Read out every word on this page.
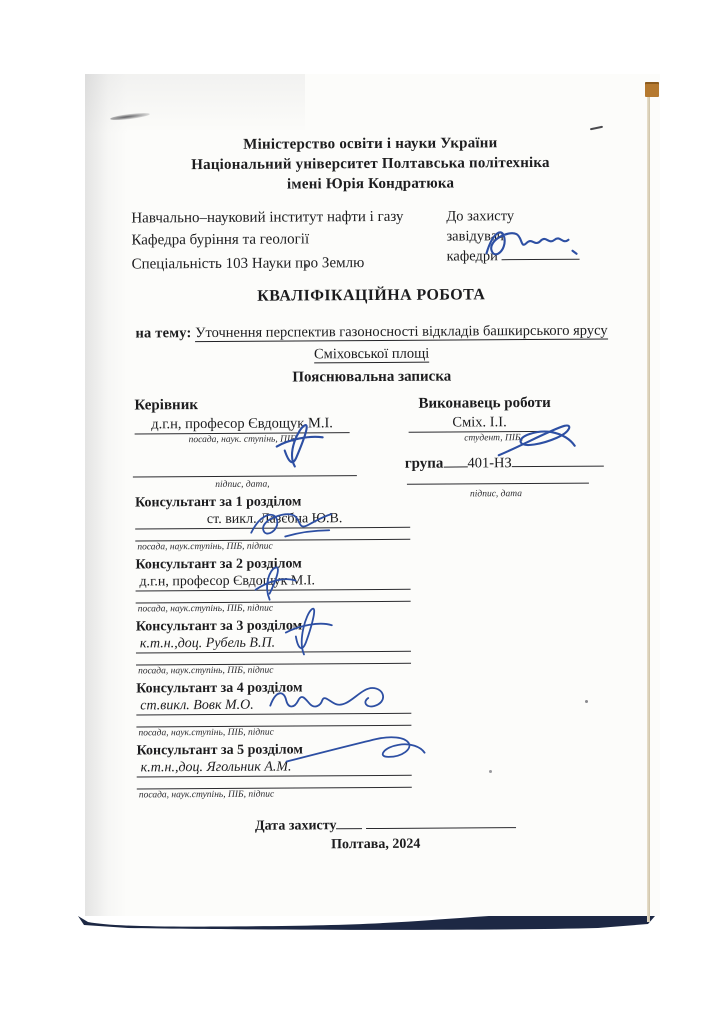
Міністерство освіти і науки України
Національний університет Полтавська політехніка
імені Юрія Кондратюка
Навчально–науковий інститут нафти і газу
Кафедра буріння та геології
До захисту
завідувач
кафедри
Спеціальність 103 Науки про Землю
КВАЛІФІКАЦІЙНА РОБОТА
на тему: Уточнення перспектив газоносності відкладів башкирського ярусу
Сміховської площі
Пояснювальна записка
Керівник
д.г.н, професор Євдощук М.І.
посада, наук. ступінь, ПІБ
підпис, дата,
Виконавець роботи
Сміх. І.І.
студент, ПІБ,
група 401-НЗ
підпис, дата
Консультант за 1 розділом
ст. викл. Лазєбна Ю.В.
посада, наук.ступінь, ПІБ, підпис
Консультант за 2 розділом
д.г.н, професор Євдощук М.І.
посада, наук.ступінь, ПІБ, підпис
Консультант за 3 розділом
к.т.н.,доц. Рубель В.П.
посада, наук.ступінь, ПІБ, підпис
Консультант за 4 розділом
ст.викл. Вовк М.О.
посада, наук.ступінь, ПІБ, підпис
Консультант за 5 розділом
к.т.н.,доц. Ягольник А.М.
посада, наук.ступінь, ПІБ, підпис
Дата захисту
Полтава, 2024
